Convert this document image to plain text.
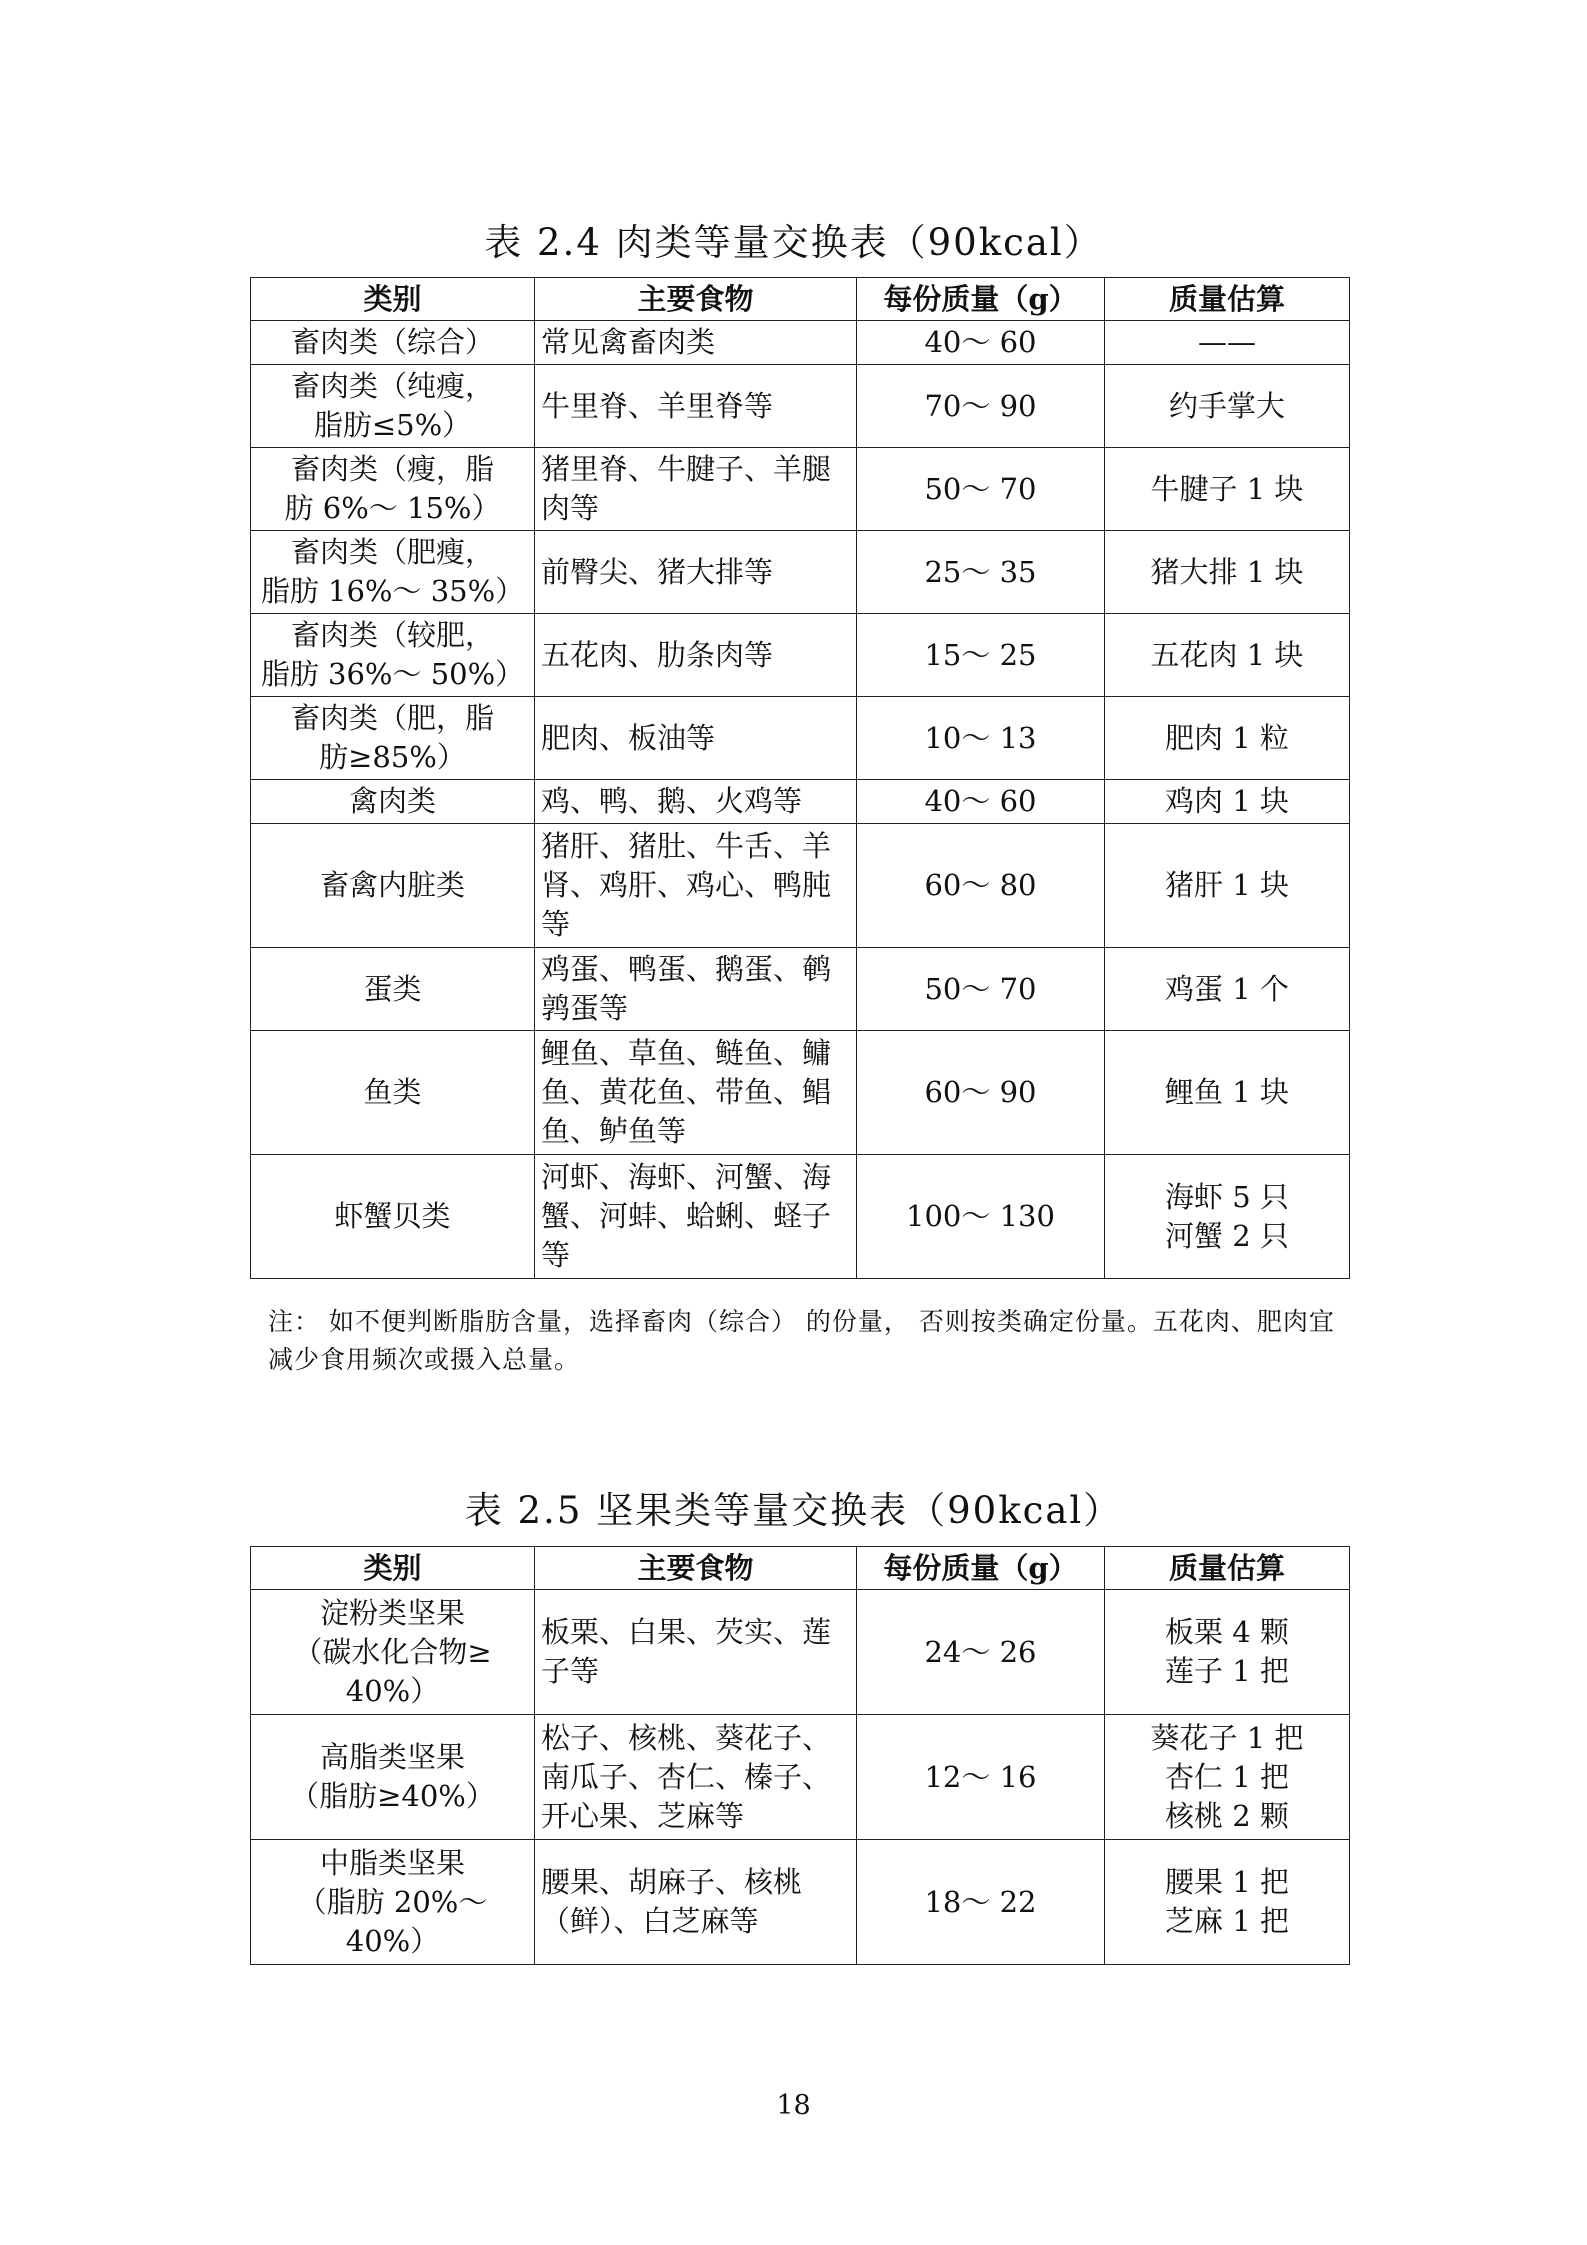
表 2.4 肉类等量交换表（90kcal）
类别	主要食物	每份质量（g）	质量估算

畜肉类（综合）	常见禽畜肉类	40～ 60	——

畜肉类（纯瘦，
脂肪≤5%）	牛里脊、羊里脊等	70～ 90	约手掌大

畜肉类（瘦，脂
肪 6%～ 15%）	猪里脊、牛腱子、羊腿
肉等	50～ 70	牛腱子 1 块

畜肉类（肥瘦，
脂肪 16%～ 35%）	前臀尖、猪大排等	25～ 35	猪大排 1 块

畜肉类（较肥，
脂肪 36%～ 50%）	五花肉、肋条肉等	15～ 25	五花肉 1 块

畜肉类（肥，脂
肪≥85%）	肥肉、板油等	10～ 13	肥肉 1 粒

禽肉类	鸡、鸭、鹅、火鸡等	40～ 60	鸡肉 1 块

畜禽内脏类	猪肝、猪肚、牛舌、羊
肾、鸡肝、鸡心、鸭肫
等	60～ 80	猪肝 1 块

蛋类	鸡蛋、鸭蛋、鹅蛋、鹌
鹑蛋等	50～ 70	鸡蛋 1 个

鱼类	鲤鱼、草鱼、鲢鱼、鳙
鱼、黄花鱼、带鱼、鲳
鱼、鲈鱼等	60～ 90	鲤鱼 1 块

虾蟹贝类	河虾、海虾、河蟹、海
蟹、河蚌、蛤蜊、蛏子
等	100～ 130	海虾 5 只
河蟹 2 只
注： 如不便判断脂肪含量，选择畜肉（综合） 的份量， 否则按类确定份量。五花肉、肥肉宜减少食用频次或摄入总量。
表 2.5 坚果类等量交换表（90kcal）
类别	主要食物	每份质量（g）	质量估算

淀粉类坚果
（碳水化合物≥
40%）	板栗、白果、芡实、莲
子等	24～ 26	板栗 4 颗
莲子 1 把

高脂类坚果
（脂肪≥40%）	松子、核桃、葵花子、
南瓜子、杏仁、榛子、
开心果、芝麻等	12～ 16	葵花子 1 把
杏仁 1 把
核桃 2 颗

中脂类坚果
（脂肪 20%～
40%）	腰果、胡麻子、核桃
（鲜）、白芝麻等	18～ 22	腰果 1 把
芝麻 1 把
18
